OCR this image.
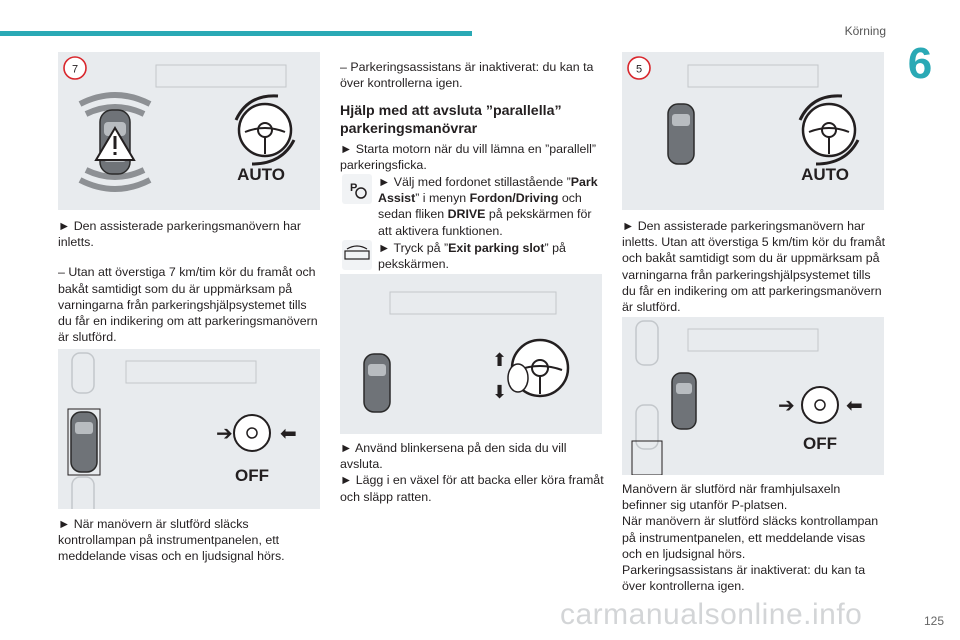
Körning
6
7
AUTO

► Den assisterade parkeringsmanövern har inletts.

– Utan att överstiga 7 km/tim kör du framåt och bakåt samtidigt som du är uppmärksam på varningarna från parkeringshjälpsystemet tills du får en indikering om att parkeringsmanövern är slutförd.

➔ ⬅
OFF

► När manövern är slutförd släcks kontrollampan på instrumentpanelen, ett meddelande visas och en ljudsignal hörs.

– Parkeringsassistans är inaktiverat: du kan ta över kontrollerna igen.

Hjälp med att avsluta ”parallella” parkeringsmanövrar

► Starta motorn när du vill lämna en ”parallell” parkeringsficka.

P	► Välj med fordonet stillastående ”Park Assist” i menyn Fordon/Driving och sedan fliken DRIVE på pekskärmen för att aktivera funktionen.

► Tryck på ”Exit parking slot” på pekskärmen.

⬆
⬇

► Använd blinkersena på den sida du vill avsluta.

► Lägg i en växel för att backa eller köra framåt och släpp ratten.

5
AUTO

► Den assisterade parkeringsmanövern har inletts. Utan att överstiga 5 km/tim kör du framåt och bakåt samtidigt som du är uppmärksam på varningarna från parkeringshjälpsystemet tills du får en indikering om att parkeringsmanövern är slutförd.

➔	⬅
OFF

Manövern är slutförd när framhjulsaxeln befinner sig utanför P-platsen.

När manövern är slutförd släcks kontrollampan på instrumentpanelen, ett meddelande visas och en ljudsignal hörs.

Parkeringsassistans är inaktiverat: du kan ta över kontrollerna igen.

carmanualsonline.info	125
